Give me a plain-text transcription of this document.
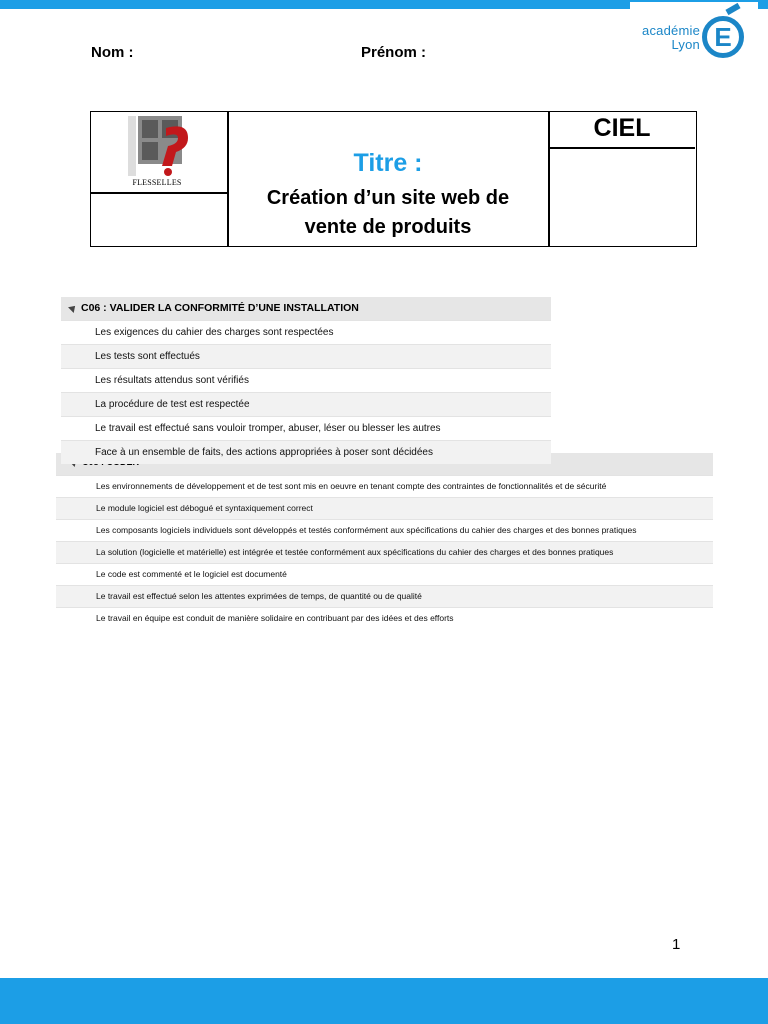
académie
Lyon E
Nom :	Prénom :
FLESSELLES
Titre :
Création d’un site web de
vente de produits
CIEL
C06 : VALIDER LA CONFORMITÉ D’UNE INSTALLATION
Les exigences du cahier des charges sont respectées
Les tests sont effectués
Les résultats attendus sont vérifiés
La procédure de test est respectée
Le travail est effectué sans vouloir tromper, abuser, léser ou blesser les autres
Face à un ensemble de faits, des actions appropriées à poser sont décidées
Les environnements de développement et de test sont mis en oeuvre en tenant compte des contraintes de fonctionnalités et de sécurité
Le module logiciel est débogué et syntaxiquement correct
Les composants logiciels individuels sont développés et testés conformément aux spécifications du cahier des charges et des bonnes pratiques
La solution (logicielle et matérielle) est intégrée et testée conformément aux spécifications du cahier des charges et des bonnes pratiques
Le code est commenté et le logiciel est documenté
Le travail est effectué selon les attentes exprimées de temps, de quantité ou de qualité
Le travail en équipe est conduit de manière solidaire en contribuant par des idées et des efforts
1
